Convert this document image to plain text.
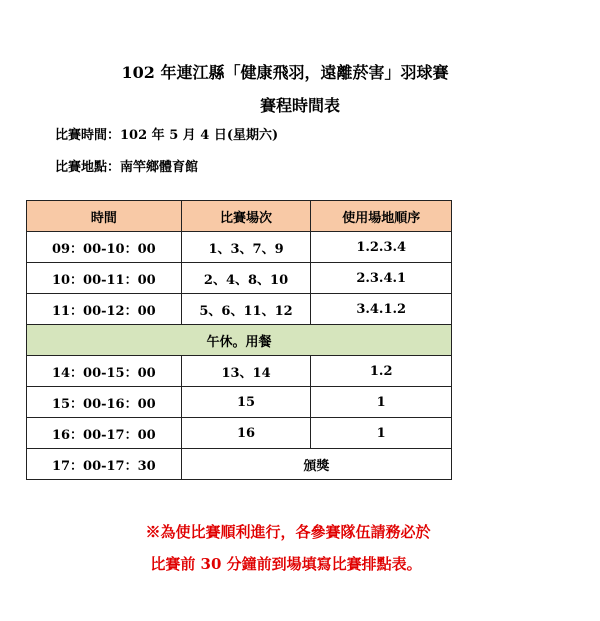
102 年連江縣「健康飛羽，遠離菸害」羽球賽
賽程時間表
比賽時間：102 年 5 月 4 日(星期六)
比賽地點：南竿鄉體育館
時間	比賽場次	使用場地順序
09：00-10：00	1、3、7、9	1.2.3.4
10：00-11：00	2、4、8、10	2.3.4.1
11：00-12：00	5、6、11、12	3.4.1.2
午休。用餐		
14：00-15：00	13、14	1.2
15：00-16：00	15	1
16：00-17：00	16	1
17：00-17：30	頒獎	
※為使比賽順利進行，各參賽隊伍請務必於
比賽前 30 分鐘前到場填寫比賽排點表。
